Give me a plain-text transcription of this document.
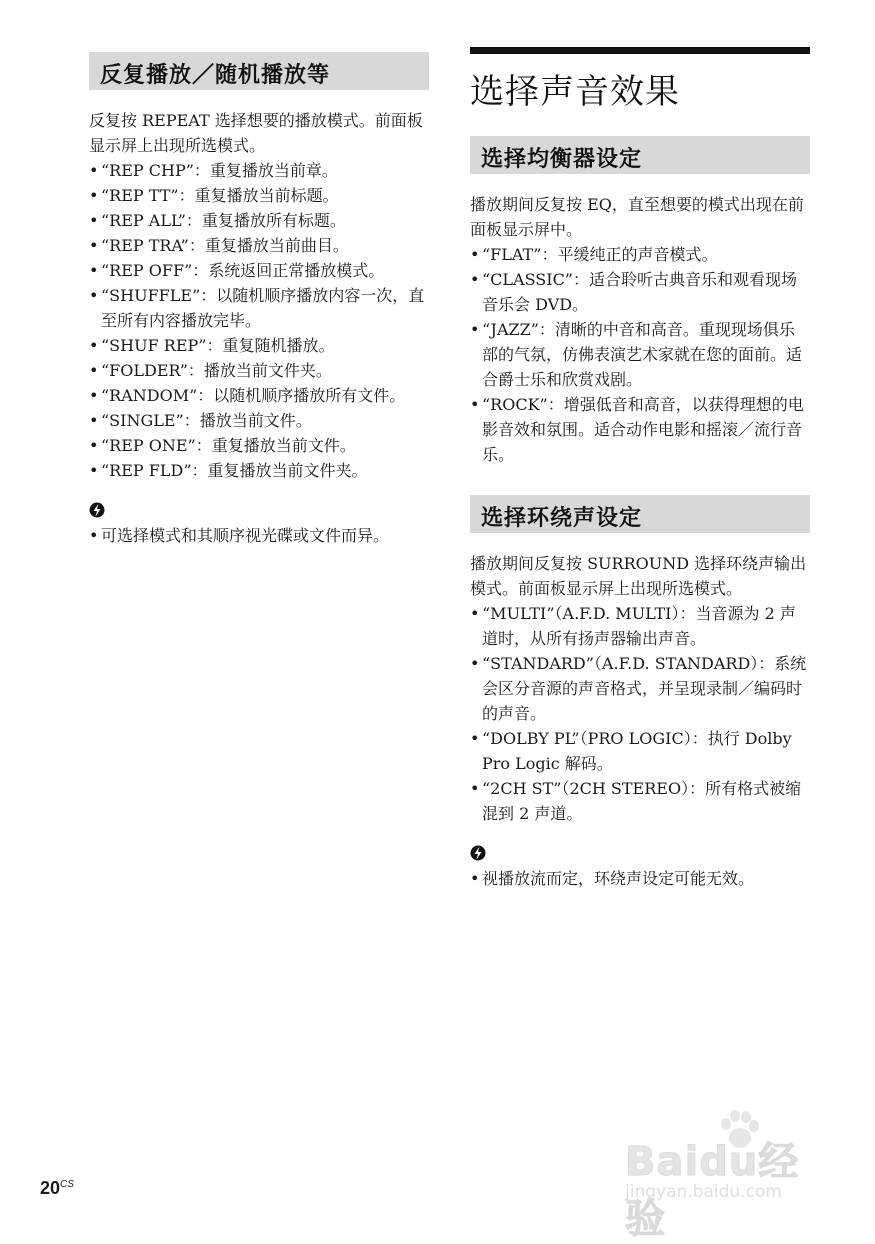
反复播放／随机播放等

反复按 REPEAT 选择想要的播放模式。前面板显示屏上出现所选模式。

• “REP CHP”：重复播放当前章。
• “REP TT”：重复播放当前标题。
• “REP ALL”：重复播放所有标题。
• “REP TRA”：重复播放当前曲目。
• “REP OFF”：系统返回正常播放模式。
• “SHUFFLE”：以随机顺序播放内容一次，直至所有内容播放完毕。
• “SHUF REP”：重复随机播放。
• “FOLDER”：播放当前文件夹。
• “RANDOM”：以随机顺序播放所有文件。
• “SINGLE”：播放当前文件。
• “REP ONE”：重复播放当前文件。
• “REP FLD”：重复播放当前文件夹。
• 可选择模式和其顺序视光碟或文件而异。
选择声音效果
选择均衡器设定

播放期间反复按 EQ，直至想要的模式出现在前面板显示屏中。

• “FLAT”：平缓纯正的声音模式。
• “CLASSIC”：适合聆听古典音乐和观看现场音乐会 DVD。
• “JAZZ”：清晰的中音和高音。重现现场俱乐部的气氛，仿佛表演艺术家就在您的面前。适合爵士乐和欣赏戏剧。
• “ROCK”：增强低音和高音，以获得理想的电影音效和氛围。适合动作电影和摇滚／流行音乐。
选择环绕声设定

播放期间反复按 SURROUND 选择环绕声输出模式。前面板显示屏上出现所选模式。

• “MULTI”（A.F.D. MULTI）：当音源为 2 声道时，从所有扬声器输出声音。
• “STANDARD”（A.F.D. STANDARD）：系统会区分音源的声音格式，并呈现录制／编码时的声音。
• “DOLBY PL”（PRO LOGIC）：执行 Dolby Pro Logic 解码。
• “2CH ST”（2CH STEREO）：所有格式被缩混到 2 声道。
• 视播放流而定，环绕声设定可能无效。
$20^{CS}$	Baidu经验
jingyan.baidu.com
